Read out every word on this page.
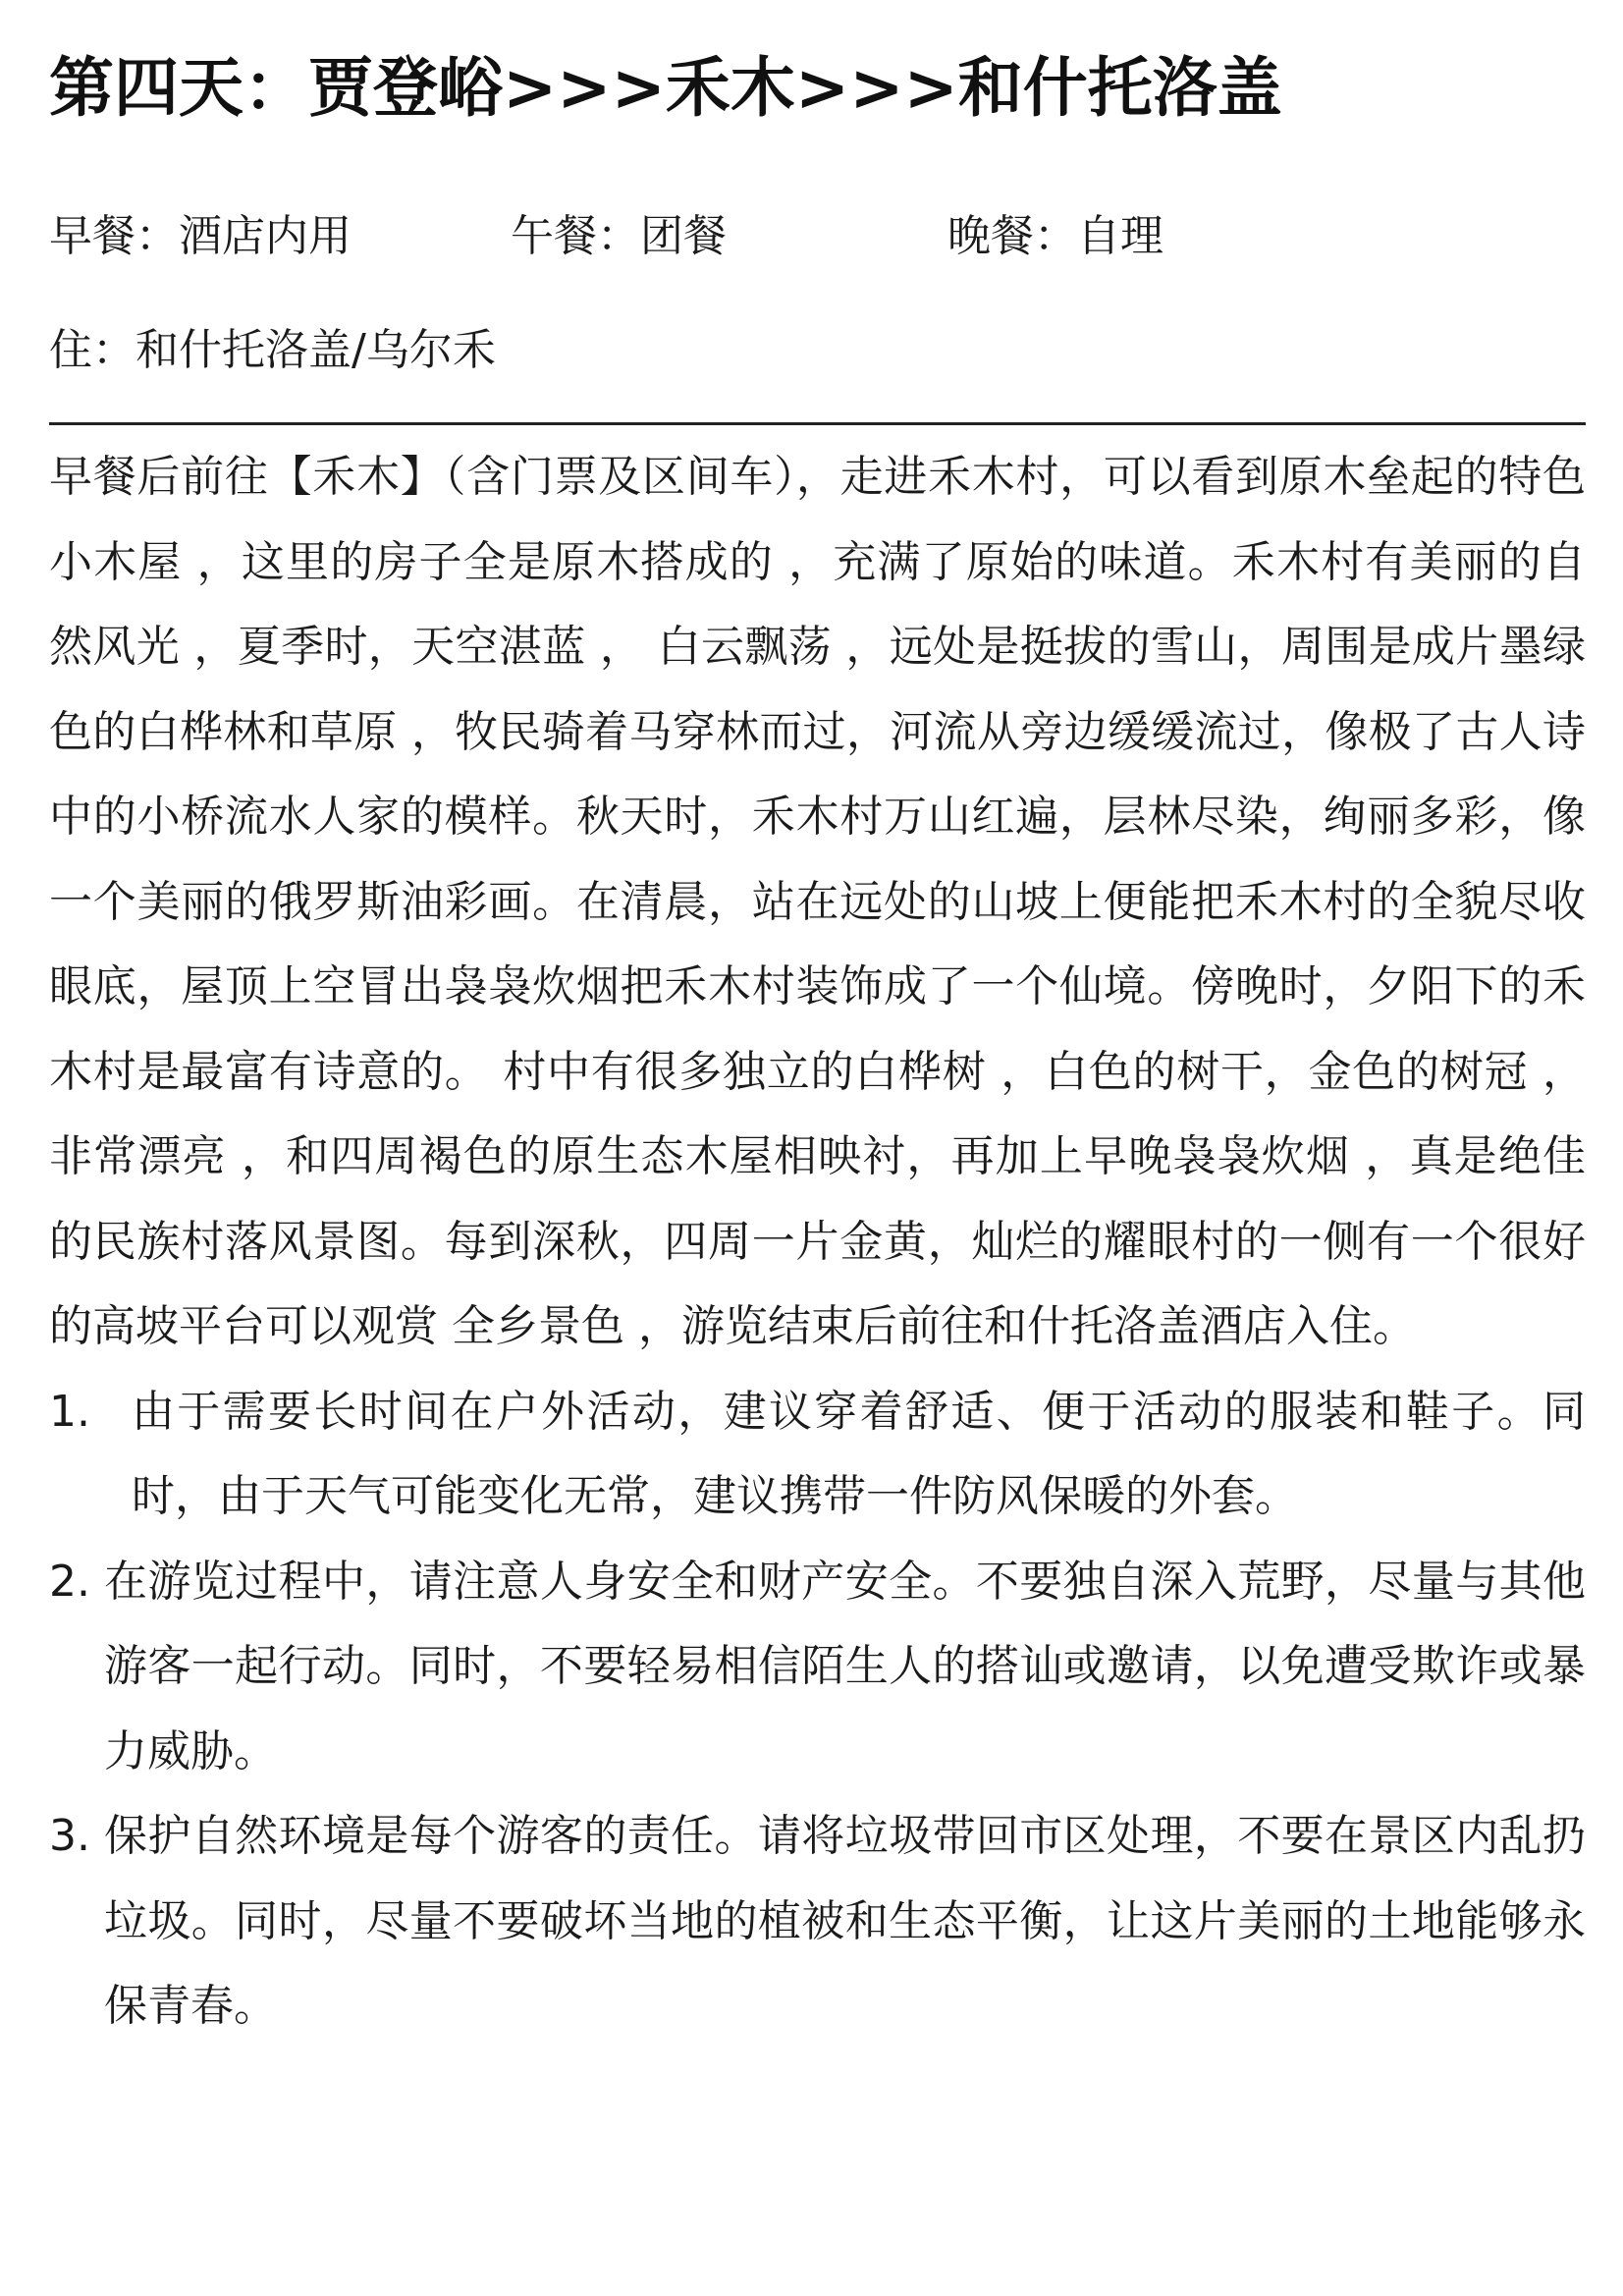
第四天：贾登峪>>>禾木>>>和什托洛盖
早餐：酒店内用	午餐：团餐	晚餐：自理
住：和什托洛盖/乌尔禾

早餐后前往【禾木】（含门票及区间车），走进禾木村，可以看到原木垒起的特色小木屋 ，这里的房子全是原木搭成的 ，充满了原始的味道。禾木村有美丽的自然风光 ，夏季时，天空湛蓝 ， 白云飘荡 ，远处是挺拔的雪山，周围是成片墨绿色的白桦林和草原 ，牧民骑着马穿林而过，河流从旁边缓缓流过，像极了古人诗中的小桥流水人家的模样。秋天时，禾木村万山红遍，层林尽染，绚丽多彩，像一个美丽的俄罗斯油彩画。在清晨，站在远处的山坡上便能把禾木村的全貌尽收眼底，屋顶上空冒出袅袅炊烟把禾木村装饰成了一个仙境。傍晚时，夕阳下的禾木村是最富有诗意的。 村中有很多独立的白桦树 ，白色的树干，金色的树冠 ，非常漂亮 ，和四周褐色的原生态木屋相映衬，再加上早晚袅袅炊烟 ，真是绝佳的民族村落风景图。每到深秋，四周一片金黄，灿烂的耀眼村的一侧有一个很好的高坡平台可以观赏 全乡景色 ，游览结束后前往和什托洛盖酒店入住。

1. 由于需要长时间在户外活动，建议穿着舒适、便于活动的服装和鞋子。同时，由于天气可能变化无常，建议携带一件防风保暖的外套。
2. 在游览过程中，请注意人身安全和财产安全。不要独自深入荒野，尽量与其他游客一起行动。同时，不要轻易相信陌生人的搭讪或邀请，以免遭受欺诈或暴力威胁。
3. 保护自然环境是每个游客的责任。请将垃圾带回市区处理，不要在景区内乱扔垃圾。同时，尽量不要破坏当地的植被和生态平衡，让这片美丽的土地能够永保青春。
